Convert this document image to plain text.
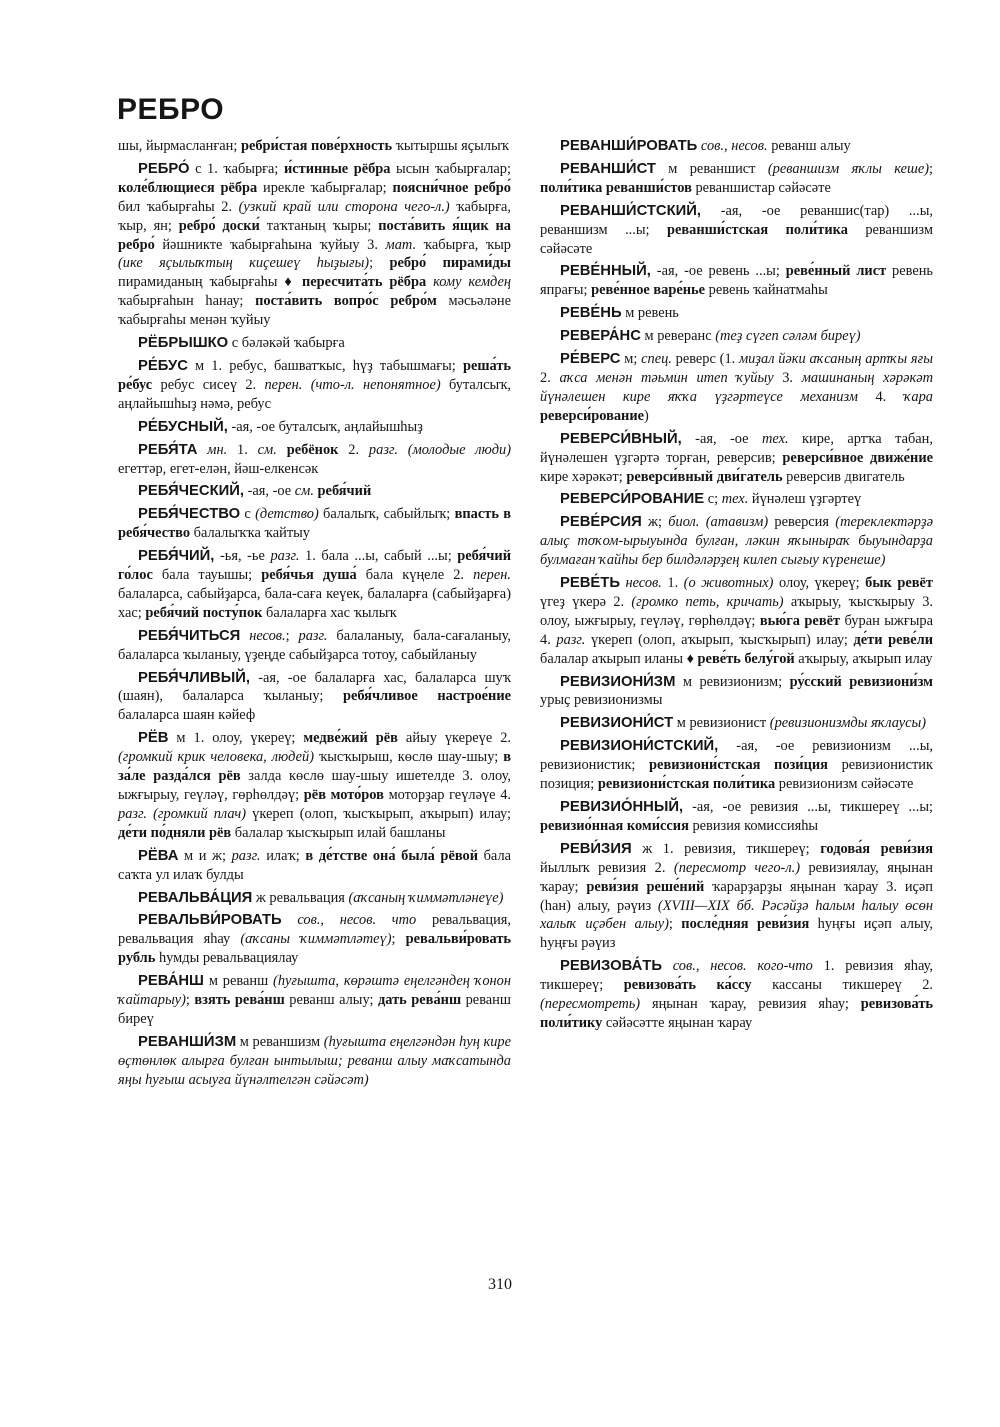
РЕБРО

шы, йырмасланған; ребри́стая пове́рхность ҡытыршы яҫылыҡ

РЕБРО́ с 1. ҡабырға; и́стинные рёбра ысын ҡабырғалар; коле́блющиеся рёбра ирекле ҡабырғалар; поясни́чное ребро́ бил ҡабырғаһы 2. (узкий край или сторона чего-л.) ҡабырға, ҡыр, ян; ребро́ доски́ таҡтаның ҡыры; поста́вить я́щик на ребро́ йәшникте ҡабырғаһына ҡуйыу 3. мат. ҡабырға, ҡыр (ике яҫылыҡтың киҫешеү һыҙығы); ребро́ пирами́ды пирамиданың ҡабырғаһы ♦ пересчита́ть рёбра кому кемдең ҡабырғаһын һанау; поста́вить вопро́с ребро́м мәсьәләне ҡабырғаһы менән ҡуйыу

РЁБРЫШКО с бәләкәй ҡабырға

РЕ́БУС м 1. ребус, башватҡыс, һүҙ табышмағы; реша́ть ре́бус ребус сисеү 2. перен. (что-л. непонятное) буталсыҡ, аңлайышһыҙ нәмә, ребус

РЕ́БУСНЫЙ, -ая, -ое буталсыҡ, аңлайышһыҙ

РЕБЯ́ТА мн. 1. см. ребёнок 2. разг. (молодые люди) егеттәр, егет-елән, йәш-елкенсәк

РЕБЯ́ЧЕСКИЙ, -ая, -ое см. ребя́чий

РЕБЯ́ЧЕСТВО с (детство) балалыҡ, сабыйлыҡ; впасть в ребя́чество балалыҡҡа ҡайтыу

РЕБЯ́ЧИЙ, -ья, -ье разг. 1. бала ...ы, сабый ...ы; ребя́чий го́лос бала тауышы; ребя́чья душа́ бала күңеле 2. перен. балаларса, сабыйҙарса, бала-саға кеүек, балаларға (сабыйҙарға) хас; ребя́чий посту́пок балаларға хас ҡылыҡ

РЕБЯ́ЧИТЬСЯ несов.; разг. балаланыу, бала-сағаланыу, балаларса ҡыланыу, үҙеңде сабыйҙарса тотоу, сабыйланыу

РЕБЯ́ЧЛИВЫЙ, -ая, -ое балаларға хас, балаларса шуҡ (шаян), балаларса ҡыланыу; ребя́чливое настрое́ние балаларса шаян кәйеф

РЁВ м 1. олоу, үкереү; медве́жий рёв айыу үкереүе 2. (громкий крик человека, людей) ҡысҡырыш, көслө шау-шыу; в за́ле разда́лся рёв залда көслө шау-шыу ишетелде 3. олоу, ыжғырыу, геүләү, гөрһөлдәү; рёв мото́ров моторҙар геүләүе 4. разг. (громкий плач) үкереп (олоп, ҡысҡырып, аҡырып) илау; де́ти по́дняли рёв балалар ҡысҡырып илай башланы

РЁВА м и ж; разг. илаҡ; в де́тстве она́ была́ рёвой бала саҡта ул илаҡ булды

РЕВАЛЬВА́ЦИЯ ж ревальвация (аҡсаның ҡиммәтләнеүе)

РЕВАЛЬВИ́РОВАТЬ сов., несов. что ревальвация, ревальвация яһау (аҡсаны ҡиммәтләтеү); ревальви́ровать рубль һумды ревальвациялау

РЕВА́НШ м реванш (һуғышта, көрәштә еңелгәндең ҡонон ҡайтарыу); взять рева́нш реванш алыу; дать рева́нш реванш биреү

РЕВАНШИ́ЗМ м реваншизм (һуғышта еңелгәндән һуң кире өҫтөнлөк алырға булған ынтылыш; реванш алыу маҡсатында яңы һуғыш асыуға йүнәлтелгән сәйәсәт)

РЕВАНШИ́РОВАТЬ сов., несов. реванш алыу

РЕВАНШИ́СТ м реваншист (реваншизм яҡлы кеше); поли́тика реванши́стов реваншистар сәйәсәте

РЕВАНШИ́СТСКИЙ, -ая, -ое реваншис(тар) ...ы, реваншизм ...ы; реванши́стская поли́тика реваншизм сәйәсәте

РЕВЕ́ННЫЙ, -ая, -ое ревень ...ы; реве́нный лист ревень япрағы; реве́нное варе́нье ревень ҡайнатмаһы

РЕВЕ́НЬ м ревень

РЕВЕРА́НС м реверанс (теҙ сүгеп сәләм биреү)

РЕ́ВЕРС м; спец. реверс (1. миҙал йәки аҡсаның артҡы яғы 2. аҡса менән тәьмин итеп ҡуйыу 3. машинаның хәрәкәт йүнәлешен кире яҡҡа үҙгәртеүсе механизм 4. ҡара реверси́рование)

РЕВЕРСИ́ВНЫЙ, -ая, -ое тех. кире, артҡа табан, йүнәлешен үҙгәртә торған, реверсив; реверси́вное движе́ние кире хәрәкәт; реверси́вный дви́гатель реверсив двигатель

РЕВЕРСИ́РОВАНИЕ с; тех. йүнәлеш үҙгәртеү

РЕВЕ́РСИЯ ж; биол. (атавизм) реверсия (тереклектәрҙә алыҫ тоҡом-ырыуында булған, ләкин яҡынырaҡ быуындарҙа булмаған ҡайһы бер билдәләрҙең килеп сығыу күренеше)

РЕВЕ́ТЬ несов. 1. (о животных) олоу, үкереү; бык ревёт үгеҙ үкерә 2. (громко петь, кричать) аҡырыу, ҡысҡырыу 3. олоу, ыжғырыу, геүләү, гөрһөлдәү; вью́га ревёт буран ыжғыра 4. разг. үкереп (олоп, аҡырып, ҡысҡырып) илау; де́ти реве́ли балалар аҡырып иланы ♦ реве́ть белу́гой аҡырыу, аҡырып илау

РЕВИЗИОНИ́ЗМ м ревизионизм; ру́сский ревизиони́зм урыҫ ревизионизмы

РЕВИЗИОНИ́СТ м ревизионист (ревизионизмды яҡлаусы)

РЕВИЗИОНИ́СТСКИЙ, -ая, -ое ревизионизм ...ы, ревизионистик; ревизиони́стская пози́ция ревизионистик позиция; ревизиони́стская поли́тика ревизионизм сәйәсәте

РЕВИЗИО́ННЫЙ, -ая, -ое ревизия ...ы, тикшереү ...ы; ревизио́нная коми́ссия ревизия комиссияһы

РЕВИ́ЗИЯ ж 1. ревизия, тикшереү; годова́я реви́зия йыллыҡ ревизия 2. (пересмотр чего-л.) ревизиялау, яңынан ҡарау; реви́зия реше́ний ҡарарҙарҙы яңынан ҡарау 3. иҫәп (һан) алыу, рәүиз (XVIII—XIX бб. Рәсәйҙә һалым һалыу өсөн халыҡ иҫәбен алыу); после́дняя реви́зия һуңғы иҫәп алыу, һуңғы рәүиз

РЕВИЗОВА́ТЬ сов., несов. кого-что 1. ревизия яһау, тикшереү; ревизова́ть ка́ссу кассаны тикшереү 2. (пересмотреть) яңынан ҡарау, ревизия яһау; ревизова́ть поли́тику сәйәсәтте яңынан ҡарау

310
